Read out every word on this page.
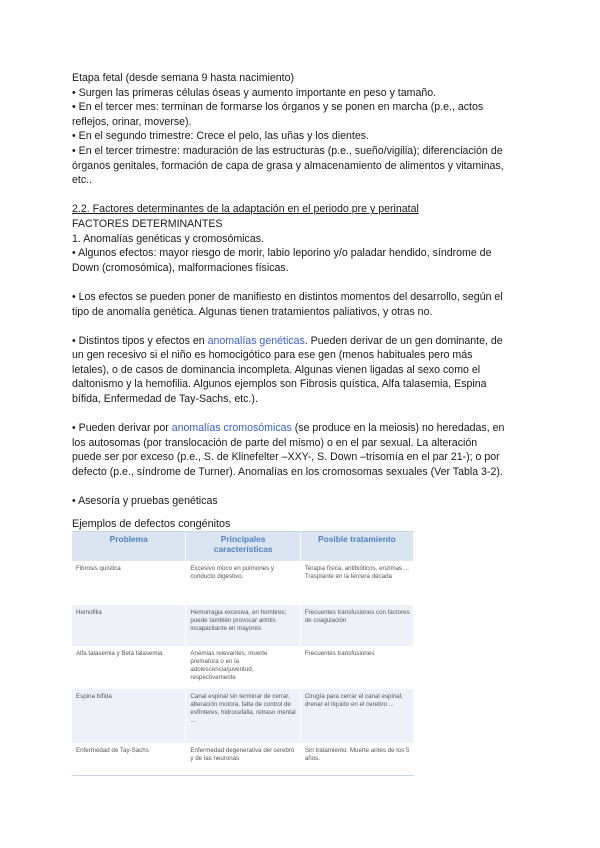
Etapa fetal (desde semana 9 hasta nacimiento)

• Surgen las primeras células óseas y aumento importante en peso y tamaño.

• En el tercer mes: terminan de formarse los órganos y se ponen en marcha (p.e., actos

reflejos, orinar, moverse).

• En el segundo trimestre: Crece el pelo, las uñas y los dientes.

• En el tercer trimestre: maduración de las estructuras (p.e., sueño/vigilia); diferenciación de

órganos genitales, formación de capa de grasa y almacenamiento de alimentos y vitaminas,

etc..

2.2. Factores determinantes de la adaptación en el periodo pre y perinatal

FACTORES DETERMINANTES

1. Anomalías genéticas y cromosómicas.

• Algunos efectos: mayor riesgo de morir, labio leporino y/o paladar hendido, síndrome de

Down (cromosómica), malformaciones físicas.

• Los efectos se pueden poner de manifiesto en distintos momentos del desarrollo, según el

tipo de anomalía genética. Algunas tienen tratamientos paliativos, y otras no.

• Distintos tipos y efectos en anomalías genéticas. Pueden derivar de un gen dominante, de

un gen recesivo si el niño es homocigótico para ese gen (menos habituales pero más

letales), o de casos de dominancia incompleta. Algunas vienen ligadas al sexo como el

daltonismo y la hemofilia. Algunos ejemplos son Fibrosis quística, Alfa talasemia, Espina

bífida, Enfermedad de Tay-Sachs, etc.).

• Pueden derivar por anomalías cromosómicas (se produce en la meiosis) no heredadas, en

los autosomas (por translocación de parte del mismo) o en el par sexual. La alteración

puede ser por exceso (p.e., S. de Klinefelter –XXY-, S. Down –trisomía en el par 21-); o por

defecto (p.e., síndrome de Turner). Anomalías en los cromosomas sexuales (Ver Tabla 3-2).

• Asesoría y pruebas genéticas

Ejemplos de defectos congénitos

Problema	Principales características	Posible tratamiento
Fibrosis quística	Excesivo moco en pulmones y conducto digestivo.	Terapia física, antibióticos, enzimas ... Trasplante en la tercera década
Hemofilia	Hemorragia excesiva, en hombres; puede también provocar artritis incapacitante en mayores	Frecuentes transfusiones con factores de coagulación
Alfa talasemia y Beta talasemia	Anemias relevantes, muerte prematura o en la adolescencia/juventud, respectivamente	Frecuentes transfusiones
Espina bífida	Canal espinal sin terminar de cerrar, alteración motora, falta de control de esfínteres, hidrocefalia, retraso mental ...	Cirugía para cerrar el canal espinal; drenar el líquido en el cerebro ...
Enfermedad de Tay-Sachs	Enfermedad degenerativa del cerebro y de las neuronas	Sin tratamiento. Muerte antes de los 5 años.
